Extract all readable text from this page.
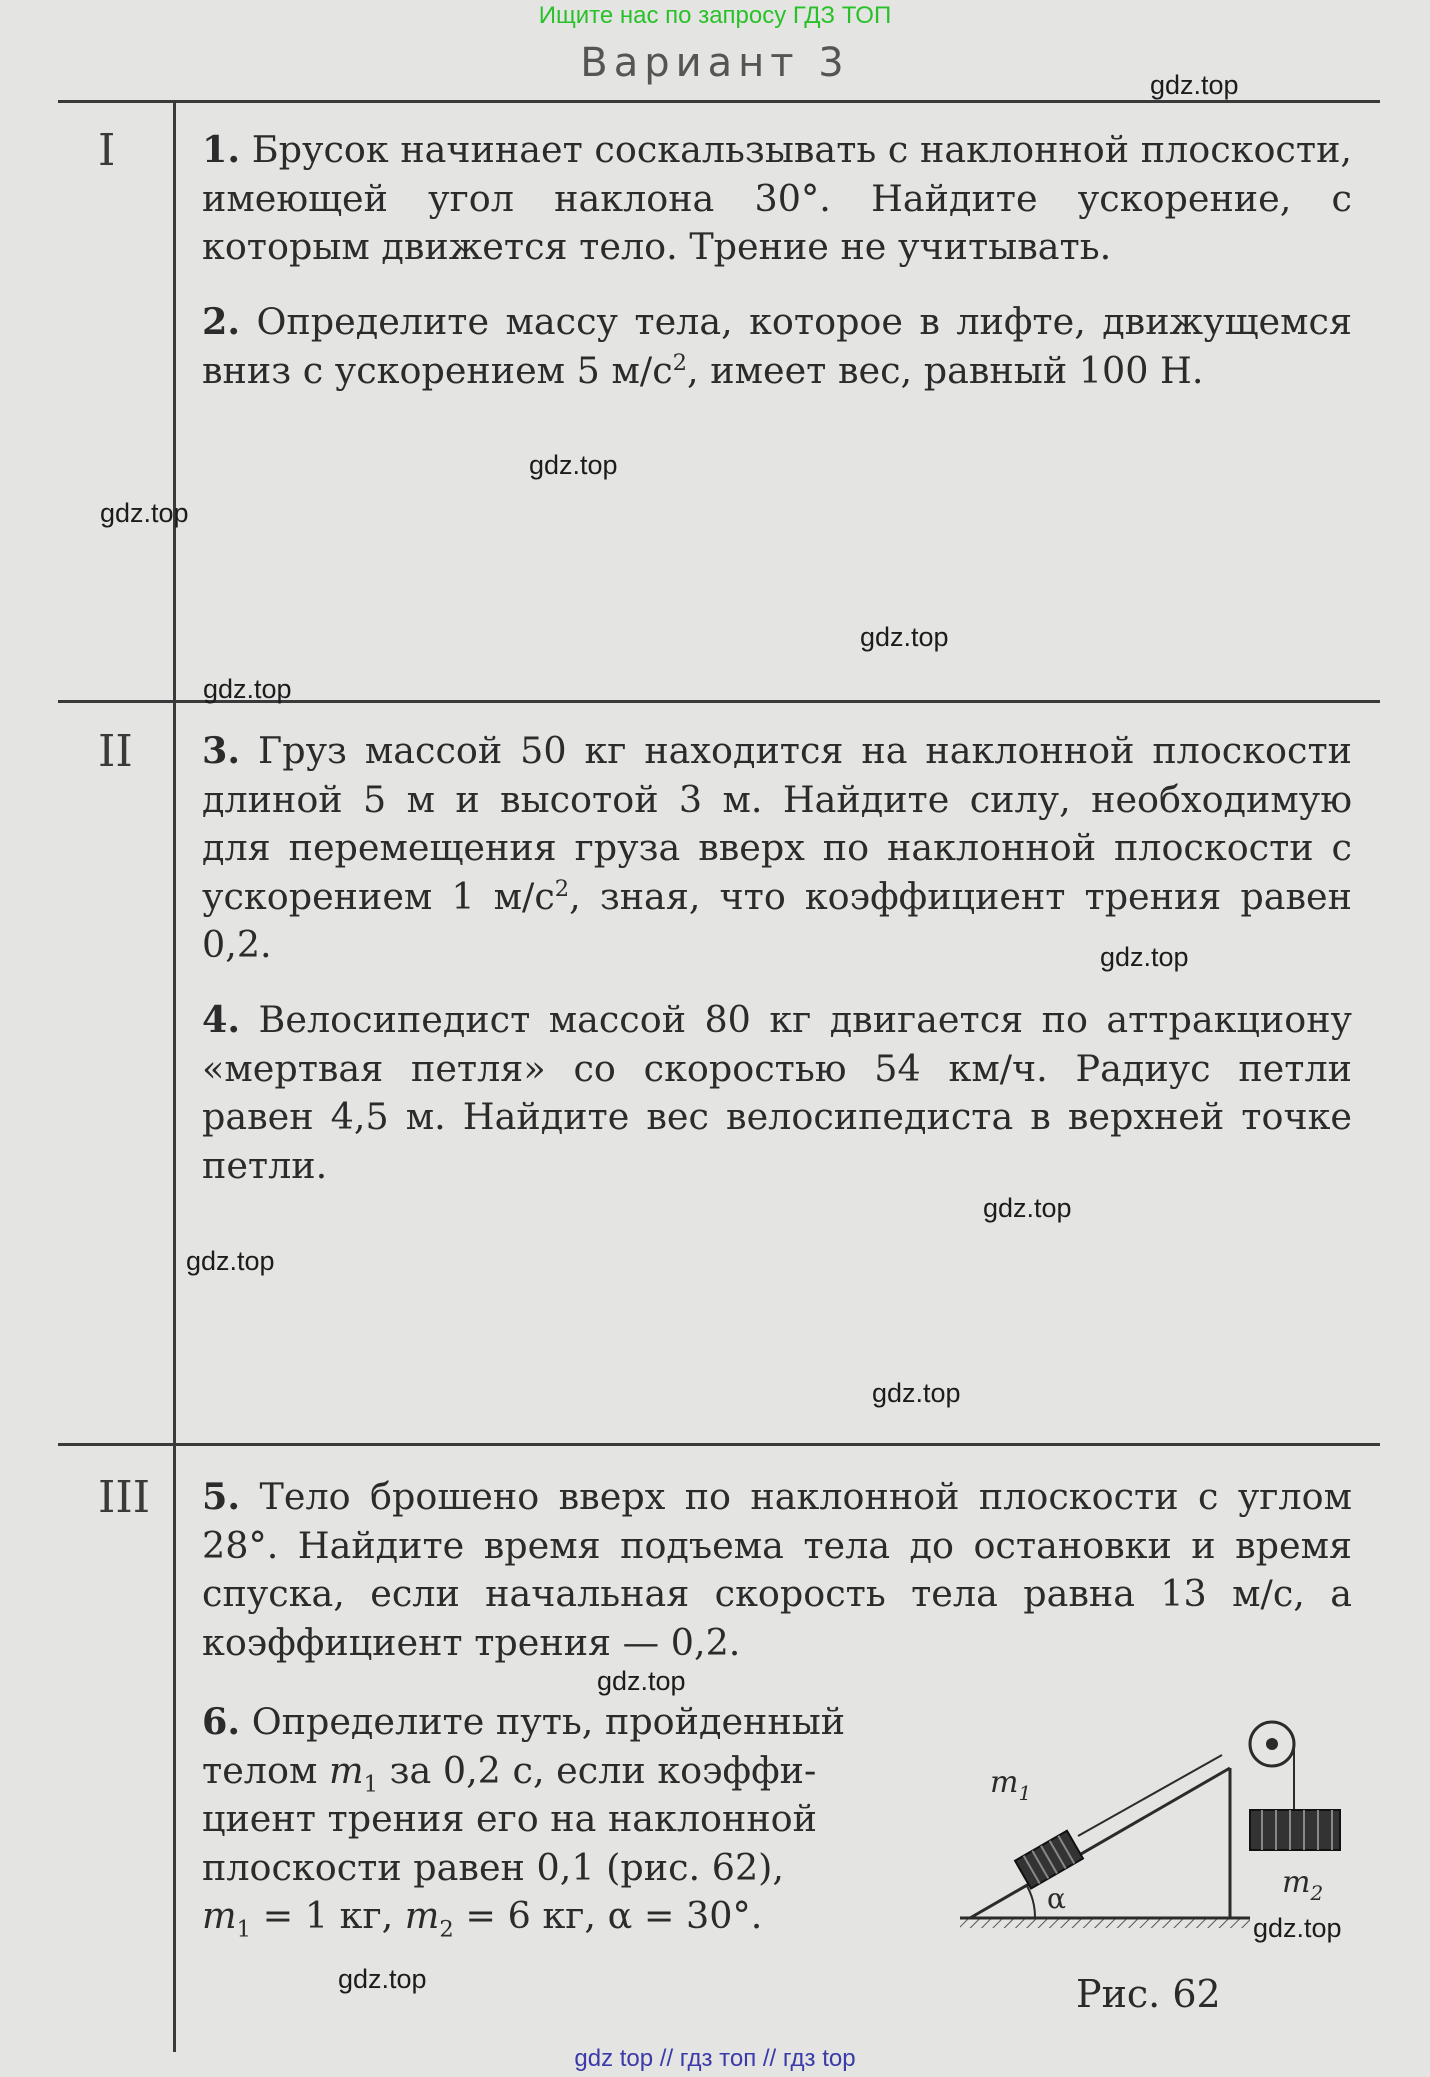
Ищите нас по запросу ГДЗ ТОП
Вариант 3
I 1. Брусок начинает соскальзывать с наклонной плоскости, имеющей угол наклона 30°. Найдите ускорение, с которым движется тело. Трение не учитывать.
2. Определите массу тела, которое в лифте, движущемся вниз с ускорением 5 $м/с^2$, имеет вес, равный 100 Н.
II 3. Груз массой 50 кг находится на наклонной плоскости длиной 5 м и высотой 3 м. Найдите силу, необходимую для перемещения груза вверх по наклонной плоскости с ускорением 1 $м/с^2$, зная, что коэффициент трения равен 0,2.
4. Велосипедист массой 80 кг двигается по аттракциону «мертвая петля» со скоростью 54 км/ч. Радиус петли равен 4,5 м. Найдите вес велосипедиста в верхней точке петли.
III 5. Тело брошено вверх по наклонной плоскости с углом 28°. Найдите время подъема тела до остановки и время спуска, если начальная скорость тела равна 13 м/с, а коэффициент трения — 0,2.
6. Определите путь, пройденный
телом $m_1$ за 0,2 с, если коэффи-
циент трения его на наклонной
плоскости равен 0,1 (рис. 62),
$m_1 = 1$ кг, $m_2 = 6$ кг, α = 30°.
$m_1$
α	$m_2$
Рис. 62
gdz.top
gdz.top
gdz.top
gdz.top
gdz.top
gdz.top
gdz.top
gdz.top
gdz.top
gdz.top
gdz.top
gdz.top
gdz top // гдз топ // гдз top
